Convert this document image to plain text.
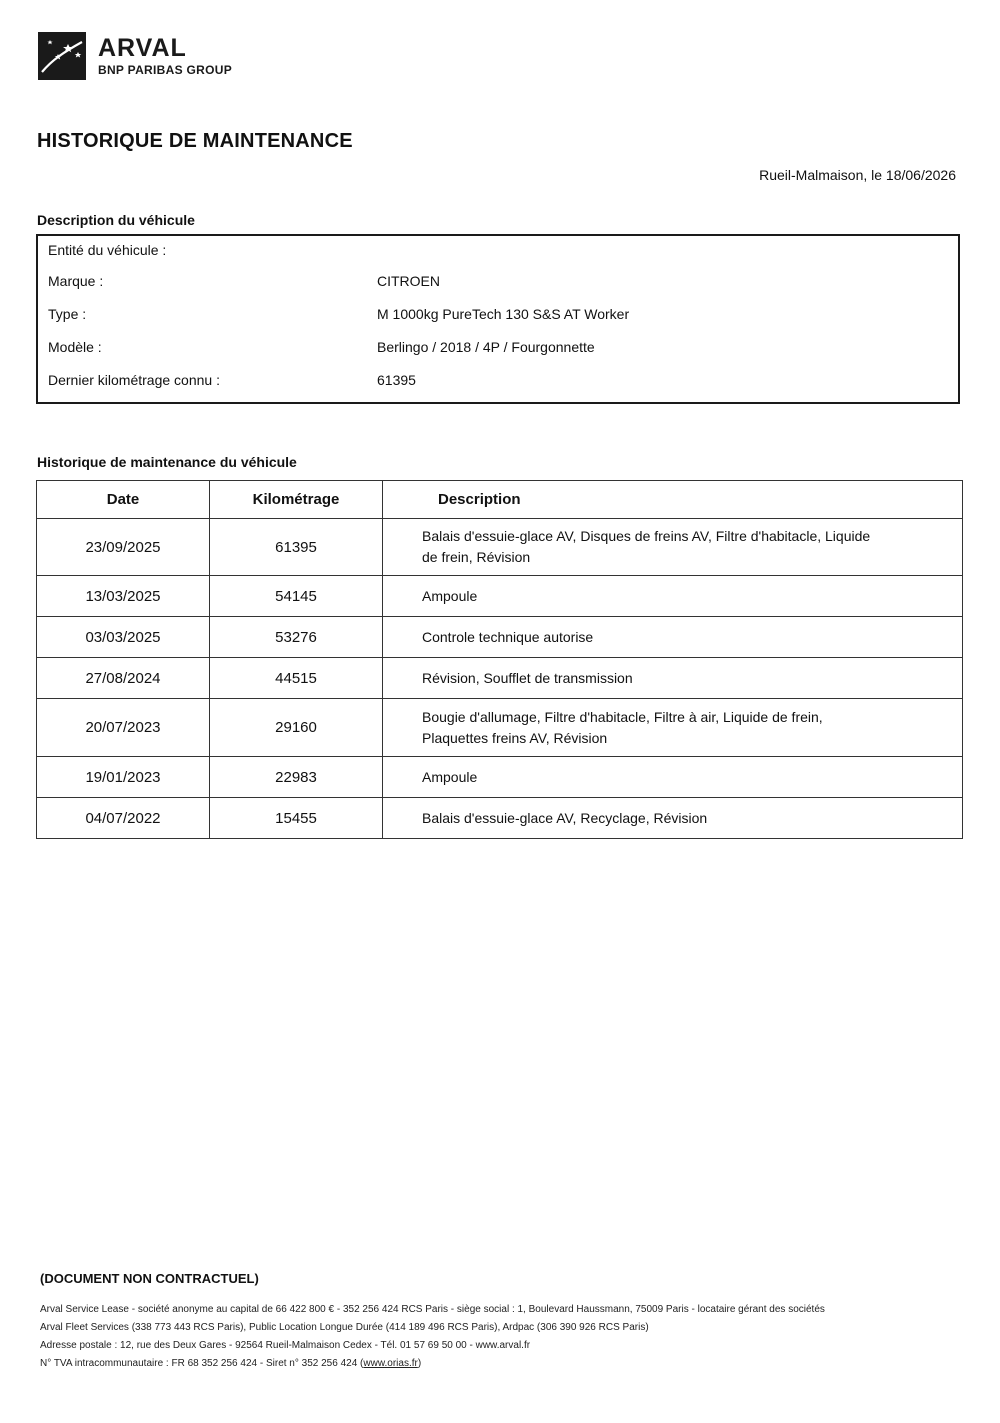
ARVAL
BNP PARIBAS GROUP
HISTORIQUE DE MAINTENANCE
Rueil-Malmaison, le 18/06/2026
Description du véhicule
Entité du véhicule :
Marque :	CITROEN
Type :	M 1000kg PureTech 130 S&S AT Worker
Modèle :	Berlingo / 2018 / 4P / Fourgonnette
Dernier kilométrage connu :	61395
Historique de maintenance du véhicule
Date	Kilométrage	Description
23/09/2025	61395	Balais d'essuie-glace AV, Disques de freins AV, Filtre d'habitacle, Liquide
de frein, Révision

13/03/2025	54145	Ampoule

03/03/2025	53276	Controle technique autorise

27/08/2024	44515	Révision, Soufflet de transmission

20/07/2023	29160	Bougie d'allumage, Filtre d'habitacle, Filtre à air, Liquide de frein,
Plaquettes freins AV, Révision

19/01/2023	22983	Ampoule

04/07/2022	15455	Balais d'essuie-glace AV, Recyclage, Révision
(DOCUMENT NON CONTRACTUEL)
Arval Service Lease - société anonyme au capital de 66 422 800 € - 352 256 424 RCS Paris - siège social : 1, Boulevard Haussmann, 75009 Paris - locataire gérant des sociétés
Arval Fleet Services (338 773 443 RCS Paris), Public Location Longue Durée (414 189 496 RCS Paris), Ardpac (306 390 926 RCS Paris)
Adresse postale : 12, rue des Deux Gares - 92564 Rueil-Malmaison Cedex - Tél. 01 57 69 50 00 - www.arval.fr
N° TVA intracommunautaire : FR 68 352 256 424 - Siret n° 352 256 424 (www.orias.fr)
